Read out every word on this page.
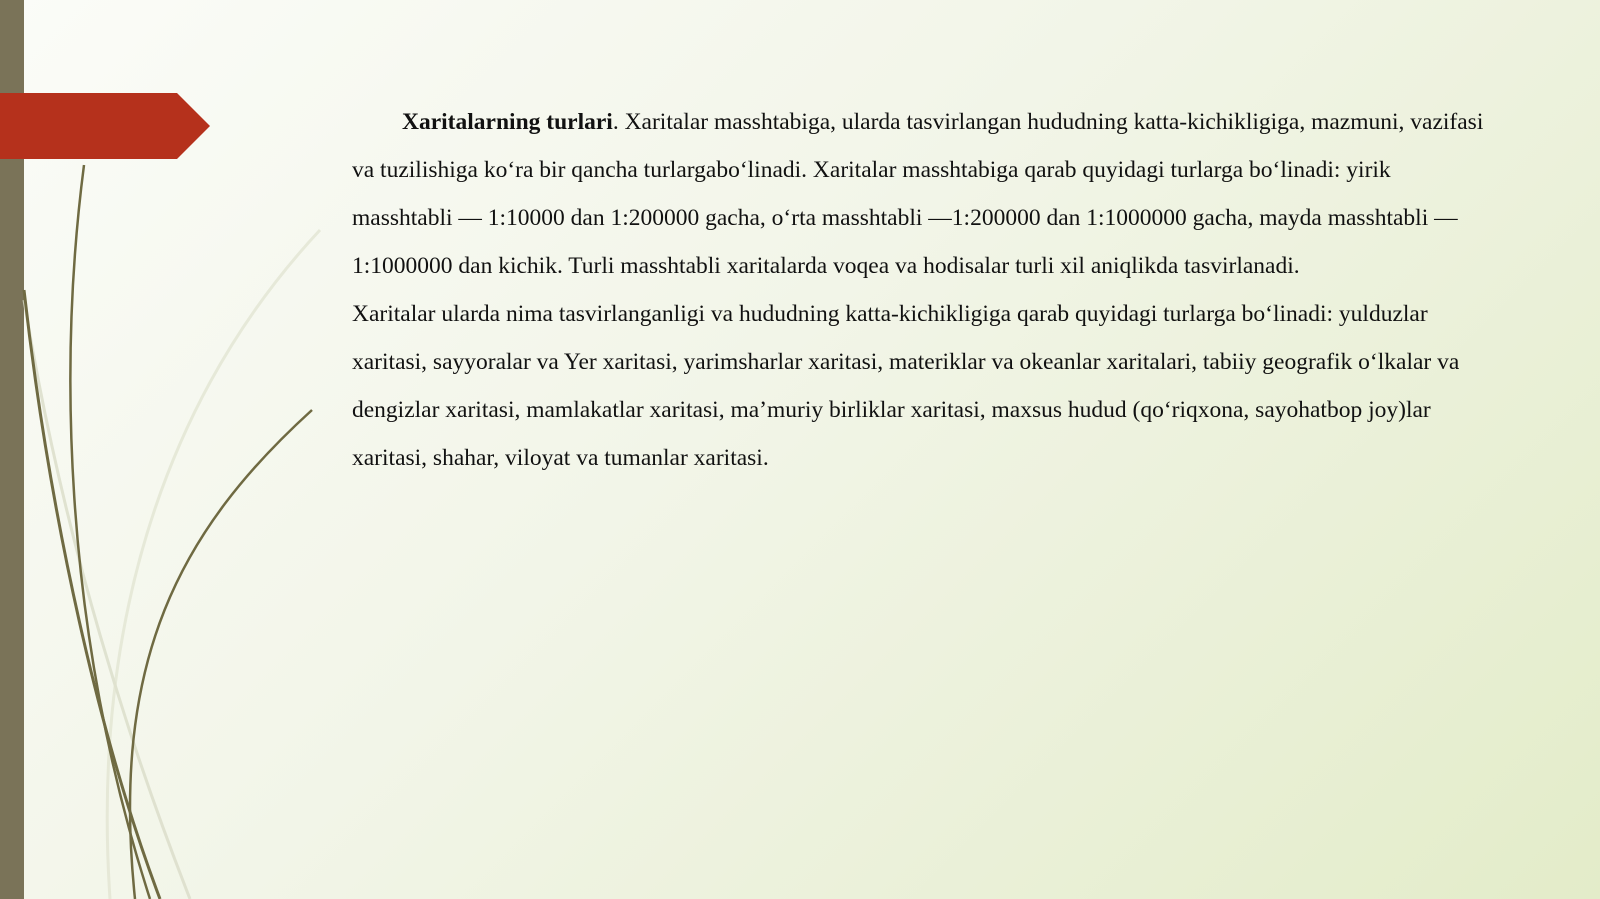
Xaritalarning turlari. Xaritalar masshtabiga, ularda tasvirlangan hududning katta-kichikligiga, mazmuni, vazifasi va tuzilishiga ko‘ra bir qancha turlargabo‘linadi. Xaritalar masshtabiga qarab quyidagi turlarga bo‘linadi: yirik masshtabli — 1:10000 dan 1:200000 gacha, o‘rta masshtabli —1:200000 dan 1:1000000 gacha, mayda masshtabli — 1:1000000 dan kichik. Turli masshtabli xaritalarda voqea va hodisalar turli xil aniqlikda tasvirlanadi.

Xaritalar ularda nima tasvirlanganligi va hududning katta-kichikligiga qarab quyidagi turlarga bo‘linadi: yulduzlar xaritasi, sayyoralar va Yer xaritasi, yarimsharlar xaritasi, materiklar va okeanlar xaritalari, tabiiy geografik o‘lkalar va dengizlar xaritasi, mamlakatlar xaritasi, ma’muriy birliklar xaritasi, maxsus hudud (qo‘riqxona, sayohatbop joy)lar xaritasi, shahar, viloyat va tumanlar xaritasi.
